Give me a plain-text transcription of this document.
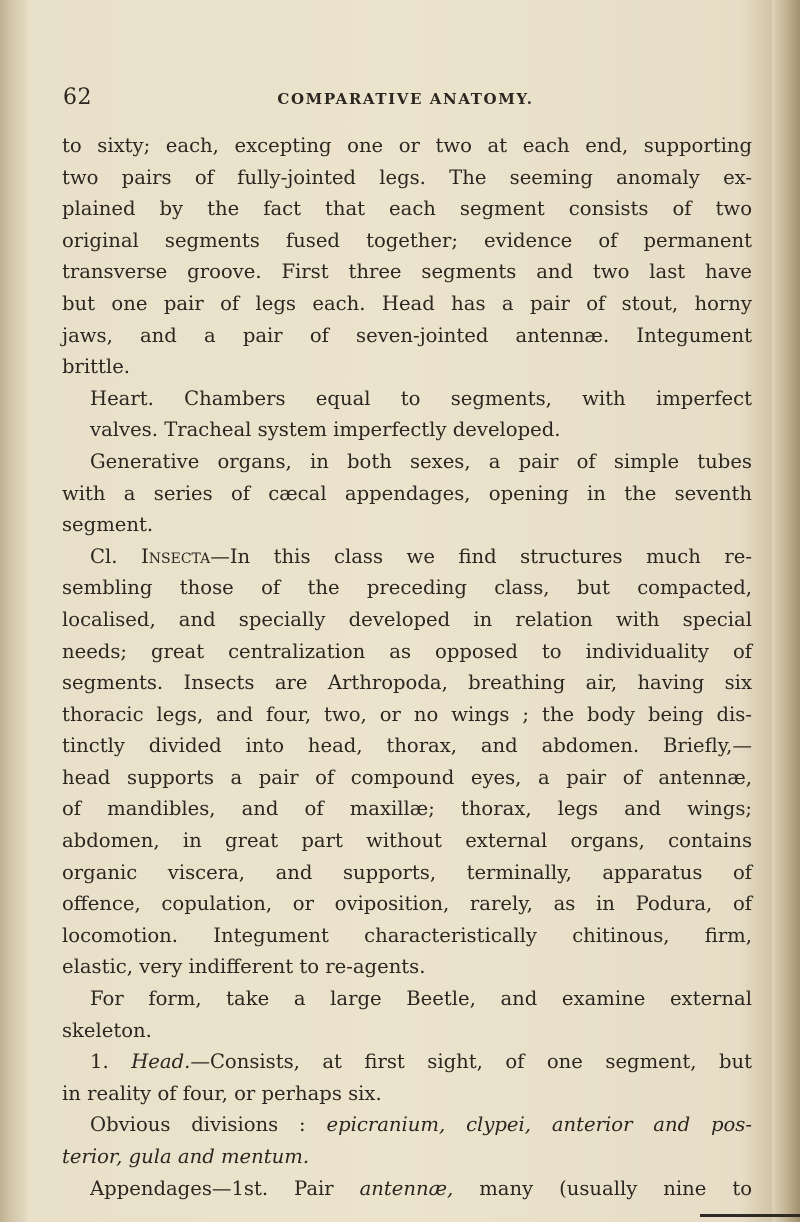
62	COMPARATIVE ANATOMY.
to sixty; each, excepting one or two at each end, supporting
two pairs of fully-jointed legs. The seeming anomaly ex-
plained by the fact that each segment consists of two
original segments fused together; evidence of permanent
transverse groove. First three segments and two last have
but one pair of legs each. Head has a pair of stout, horny
jaws, and a pair of seven-jointed antennæ. Integument
brittle.
Heart. Chambers equal to segments, with imperfect
valves. Tracheal system imperfectly developed.
Generative organs, in both sexes, a pair of simple tubes
with a series of cæcal appendages, opening in the seventh
segment.
Cl. Insecta—In this class we find structures much re-
sembling those of the preceding class, but compacted,
localised, and specially developed in relation with special
needs; great centralization as opposed to individuality of
segments. Insects are Arthropoda, breathing air, having six
thoracic legs, and four, two, or no wings ; the body being dis-
tinctly divided into head, thorax, and abdomen. Briefly,—
head supports a pair of compound eyes, a pair of antennæ,
of mandibles, and of maxillæ; thorax, legs and wings;
abdomen, in great part without external organs, contains
organic viscera, and supports, terminally, apparatus of
offence, copulation, or oviposition, rarely, as in Podura, of
locomotion. Integument characteristically chitinous, firm,
elastic, very indifferent to re-agents.
For form, take a large Beetle, and examine external
skeleton.
1. Head.—Consists, at first sight, of one segment, but
in reality of four, or perhaps six.
Obvious divisions : epicranium, clypei, anterior and pos-
terior, gula and mentum.
Appendages—1st. Pair antennæ, many (usually nine to
